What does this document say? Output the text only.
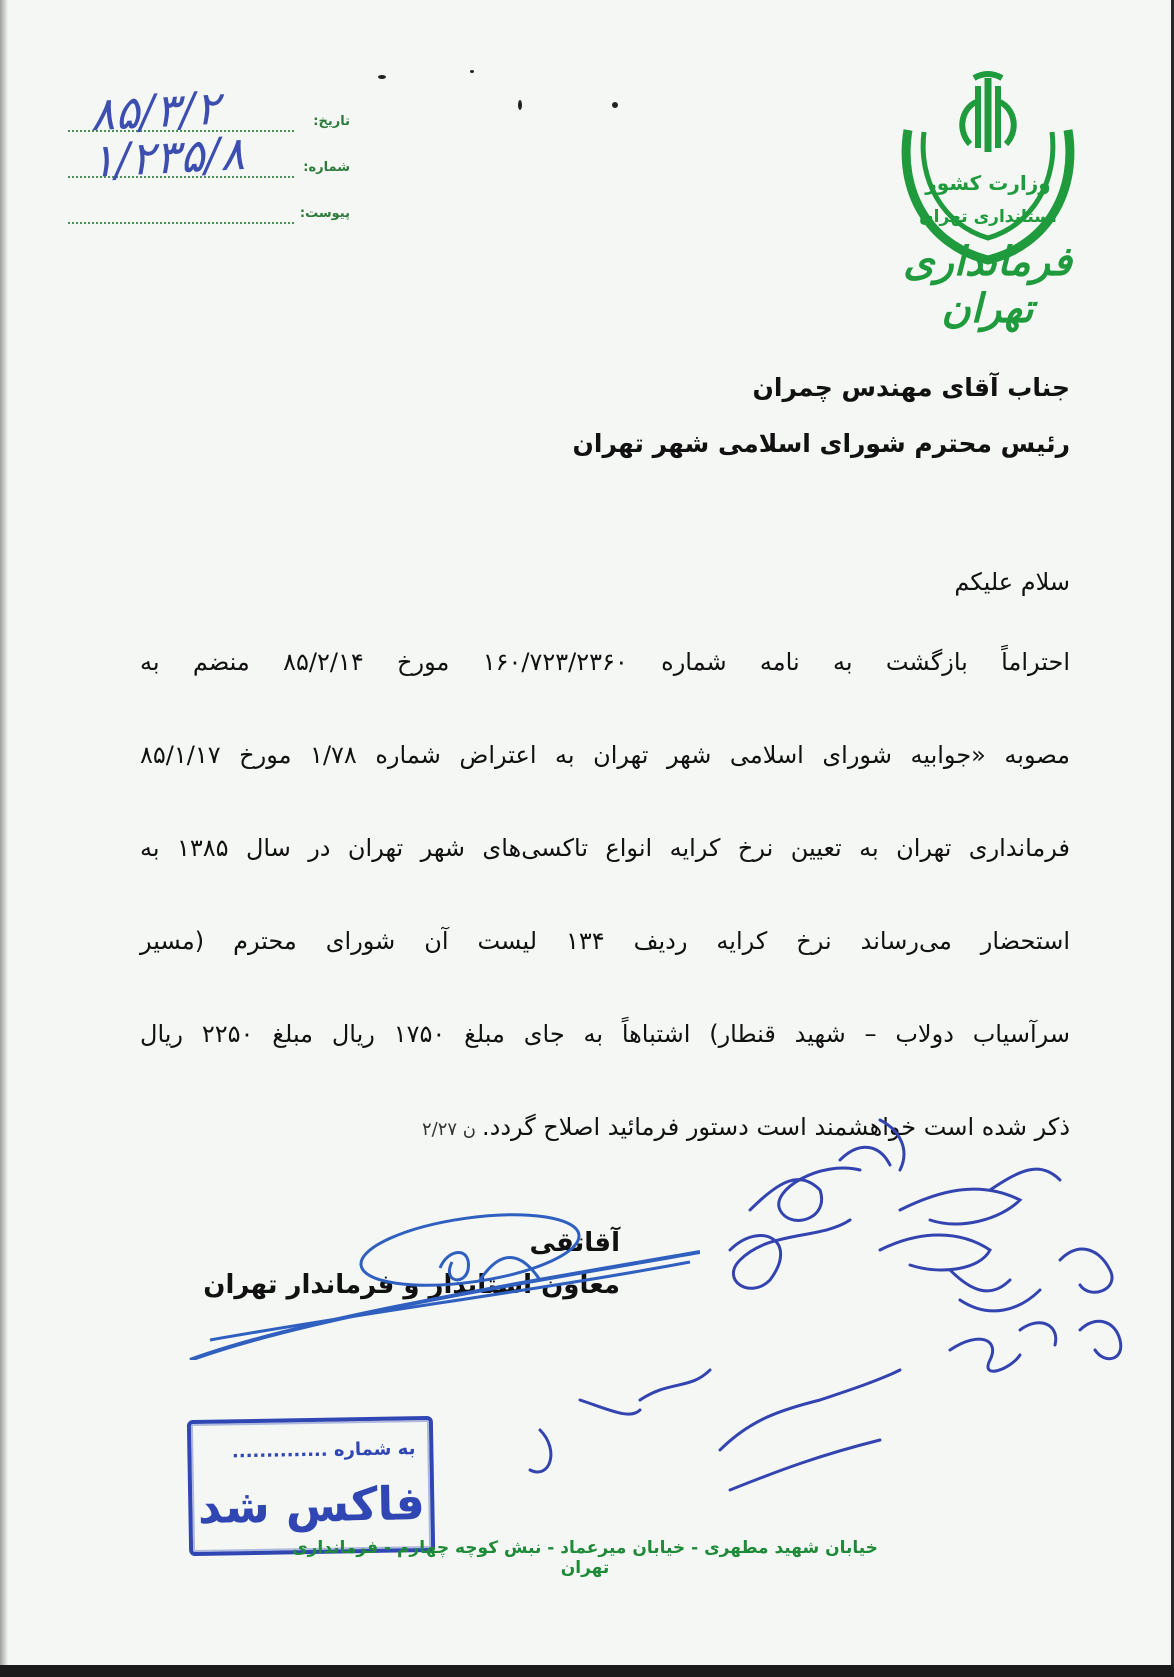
وزارت کشور
استانداری تهران
فرمانداری تهران
تاریخ:
۸۵/۳/۲
شماره:
۱/۲۳۵/۸
پیوست:
جناب آقای مهندس چمران
رئیس محترم شورای اسلامی شهر تهران
سلام علیکم
احتراماً بازگشت به نامه شماره ۱۶۰/۷۲۳/۲۳۶۰ مورخ ۸۵/۲/۱۴ منضم به
مصوبه «جوابیه شورای اسلامی شهر تهران به اعتراض شماره ۱/۷۸ مورخ ۸۵/۱/۱۷
فرمانداری تهران به تعیین نرخ کرایه انواع تاکسی‌های شهر تهران در سال ۱۳۸۵ به
استحضار می‌رساند نرخ کرایه ردیف ۱۳۴ لیست آن شورای محترم (مسیر
سرآسیاب دولاب – شهید قنطار) اشتباهاً به جای مبلغ ۱۷۵۰ ریال مبلغ ۲۲۵۰ ریال
ذکر شده است خواهشمند است دستور فرمائید اصلاح گردد.ن ۲/۲۷
آقاتقی
معاون استاندار و فرماندار تهران
به شماره ..............
فاکس شد
خیابان شهید مطهری - خیابان میرعماد - نبش کوچه چهارم - فرمانداری تهران
